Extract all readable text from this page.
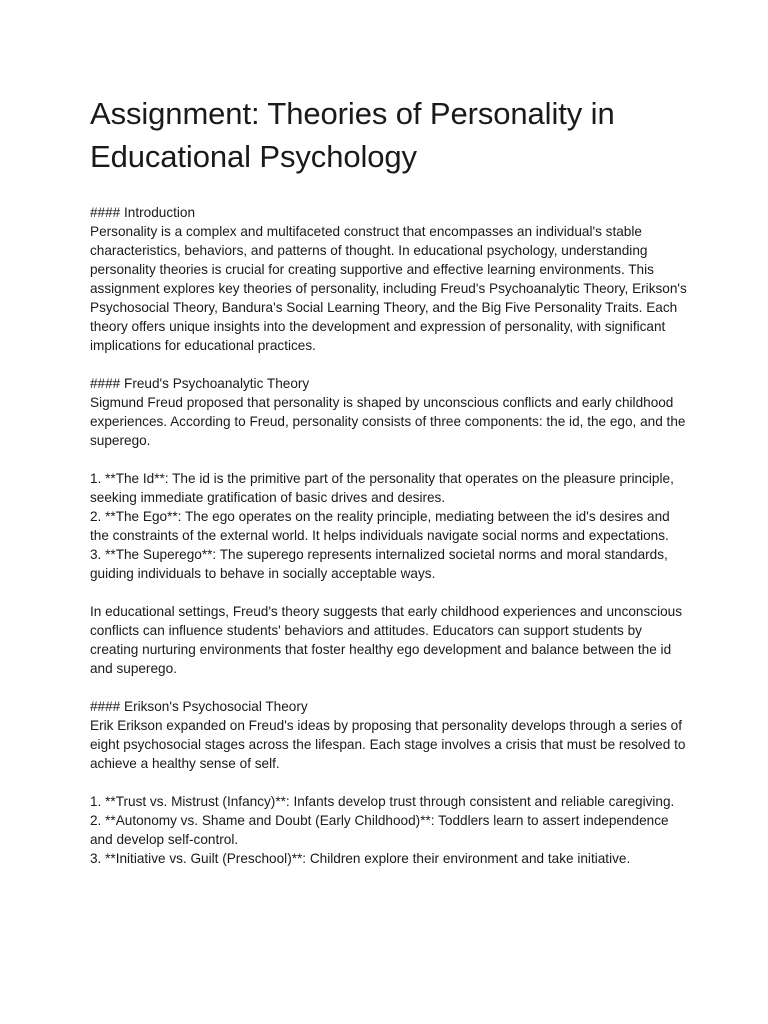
Assignment: Theories of Personality in Educational Psychology

#### Introduction

Personality is a complex and multifaceted construct that encompasses an individual's stable characteristics, behaviors, and patterns of thought. In educational psychology, understanding personality theories is crucial for creating supportive and effective learning environments. This assignment explores key theories of personality, including Freud's Psychoanalytic Theory, Erikson's Psychosocial Theory, Bandura's Social Learning Theory, and the Big Five Personality Traits. Each theory offers unique insights into the development and expression of personality, with significant implications for educational practices.

#### Freud's Psychoanalytic Theory

Sigmund Freud proposed that personality is shaped by unconscious conflicts and early childhood experiences. According to Freud, personality consists of three components: the id, the ego, and the superego.

1. **The Id**: The id is the primitive part of the personality that operates on the pleasure principle, seeking immediate gratification of basic drives and desires.

2. **The Ego**: The ego operates on the reality principle, mediating between the id's desires and the constraints of the external world. It helps individuals navigate social norms and expectations.

3. **The Superego**: The superego represents internalized societal norms and moral standards, guiding individuals to behave in socially acceptable ways.

In educational settings, Freud's theory suggests that early childhood experiences and unconscious conflicts can influence students' behaviors and attitudes. Educators can support students by creating nurturing environments that foster healthy ego development and balance between the id and superego.

#### Erikson's Psychosocial Theory

Erik Erikson expanded on Freud's ideas by proposing that personality develops through a series of eight psychosocial stages across the lifespan. Each stage involves a crisis that must be resolved to achieve a healthy sense of self.

1. **Trust vs. Mistrust (Infancy)**: Infants develop trust through consistent and reliable caregiving.

2. **Autonomy vs. Shame and Doubt (Early Childhood)**: Toddlers learn to assert independence and develop self-control.

3. **Initiative vs. Guilt (Preschool)**: Children explore their environment and take initiative.
